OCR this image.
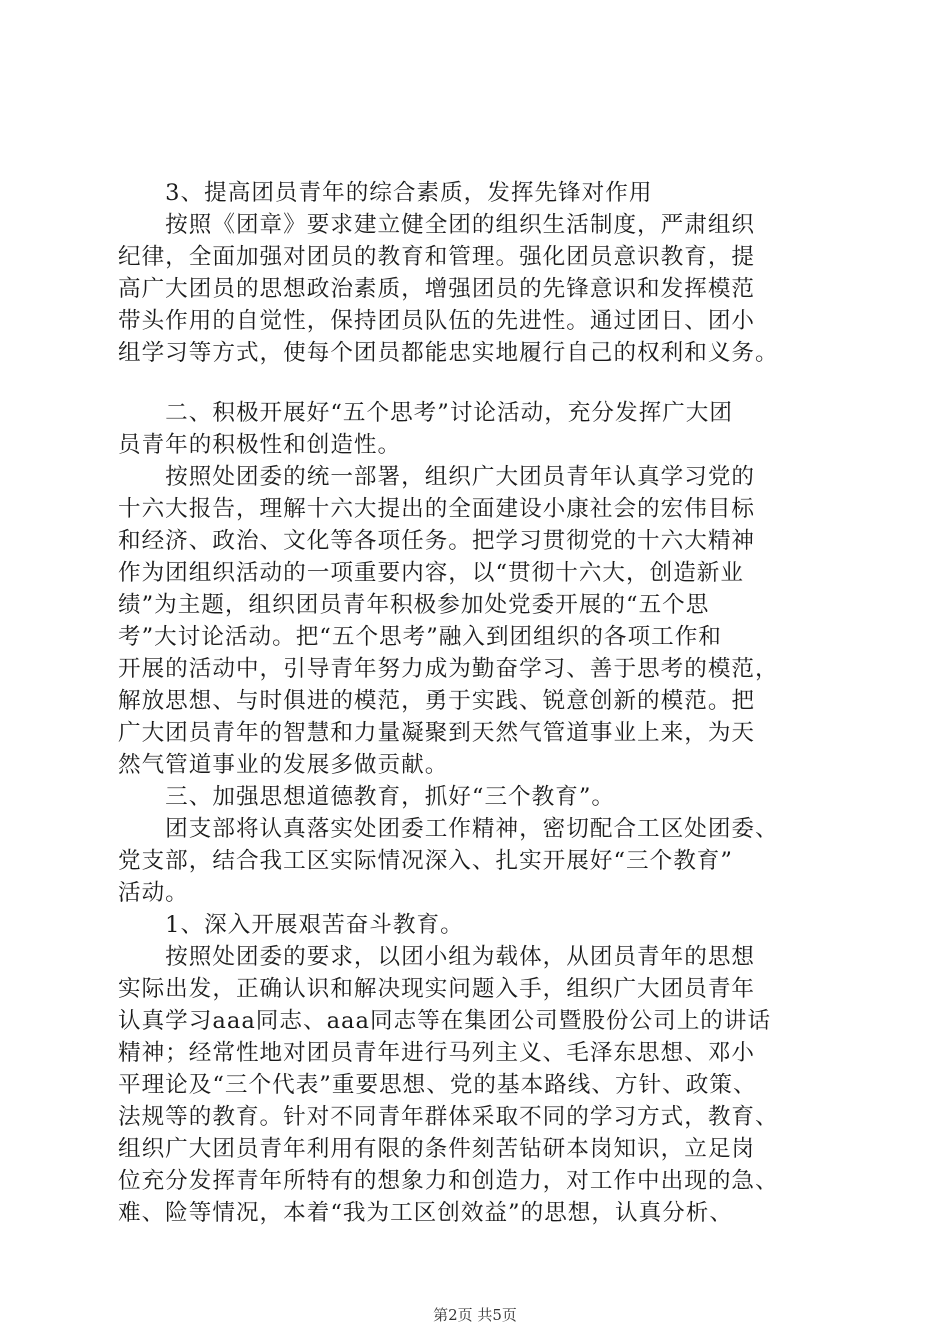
　　3、提高团员青年的综合素质，发挥先锋对作用
　　按照《团章》要求建立健全团的组织生活制度，严肃组织
纪律，全面加强对团员的教育和管理。强化团员意识教育，提
高广大团员的思想政治素质，增强团员的先锋意识和发挥模范
带头作用的自觉性，保持团员队伍的先进性。通过团日、团小
组学习等方式，使每个团员都能忠实地履行自己的权利和义务。
　　二、积极开展好“五个思考”讨论活动，充分发挥广大团
员青年的积极性和创造性。
　　按照处团委的统一部署，组织广大团员青年认真学习党的
十六大报告，理解十六大提出的全面建设小康社会的宏伟目标
和经济、政治、文化等各项任务。把学习贯彻党的十六大精神
作为团组织活动的一项重要内容，以“贯彻十六大，创造新业
绩”为主题，组织团员青年积极参加处党委开展的“五个思
考”大讨论活动。把“五个思考”融入到团组织的各项工作和
开展的活动中，引导青年努力成为勤奋学习、善于思考的模范，
解放思想、与时俱进的模范，勇于实践、锐意创新的模范。把
广大团员青年的智慧和力量凝聚到天然气管道事业上来，为天
然气管道事业的发展多做贡献。
　　三、加强思想道德教育，抓好“三个教育”。
　　团支部将认真落实处团委工作精神，密切配合工区处团委、
党支部，结合我工区实际情况深入、扎实开展好“三个教育”
活动。
　　1、深入开展艰苦奋斗教育。
　　按照处团委的要求，以团小组为载体，从团员青年的思想
实际出发，正确认识和解决现实问题入手，组织广大团员青年
认真学习aaa同志、aaa同志等在集团公司暨股份公司上的讲话
精神；经常性地对团员青年进行马列主义、毛泽东思想、邓小
平理论及“三个代表”重要思想、党的基本路线、方针、政策、
法规等的教育。针对不同青年群体采取不同的学习方式，教育、
组织广大团员青年利用有限的条件刻苦钻研本岗知识，立足岗
位充分发挥青年所特有的想象力和创造力，对工作中出现的急、
难、险等情况，本着“我为工区创效益”的思想，认真分析、
第2页 共5页
